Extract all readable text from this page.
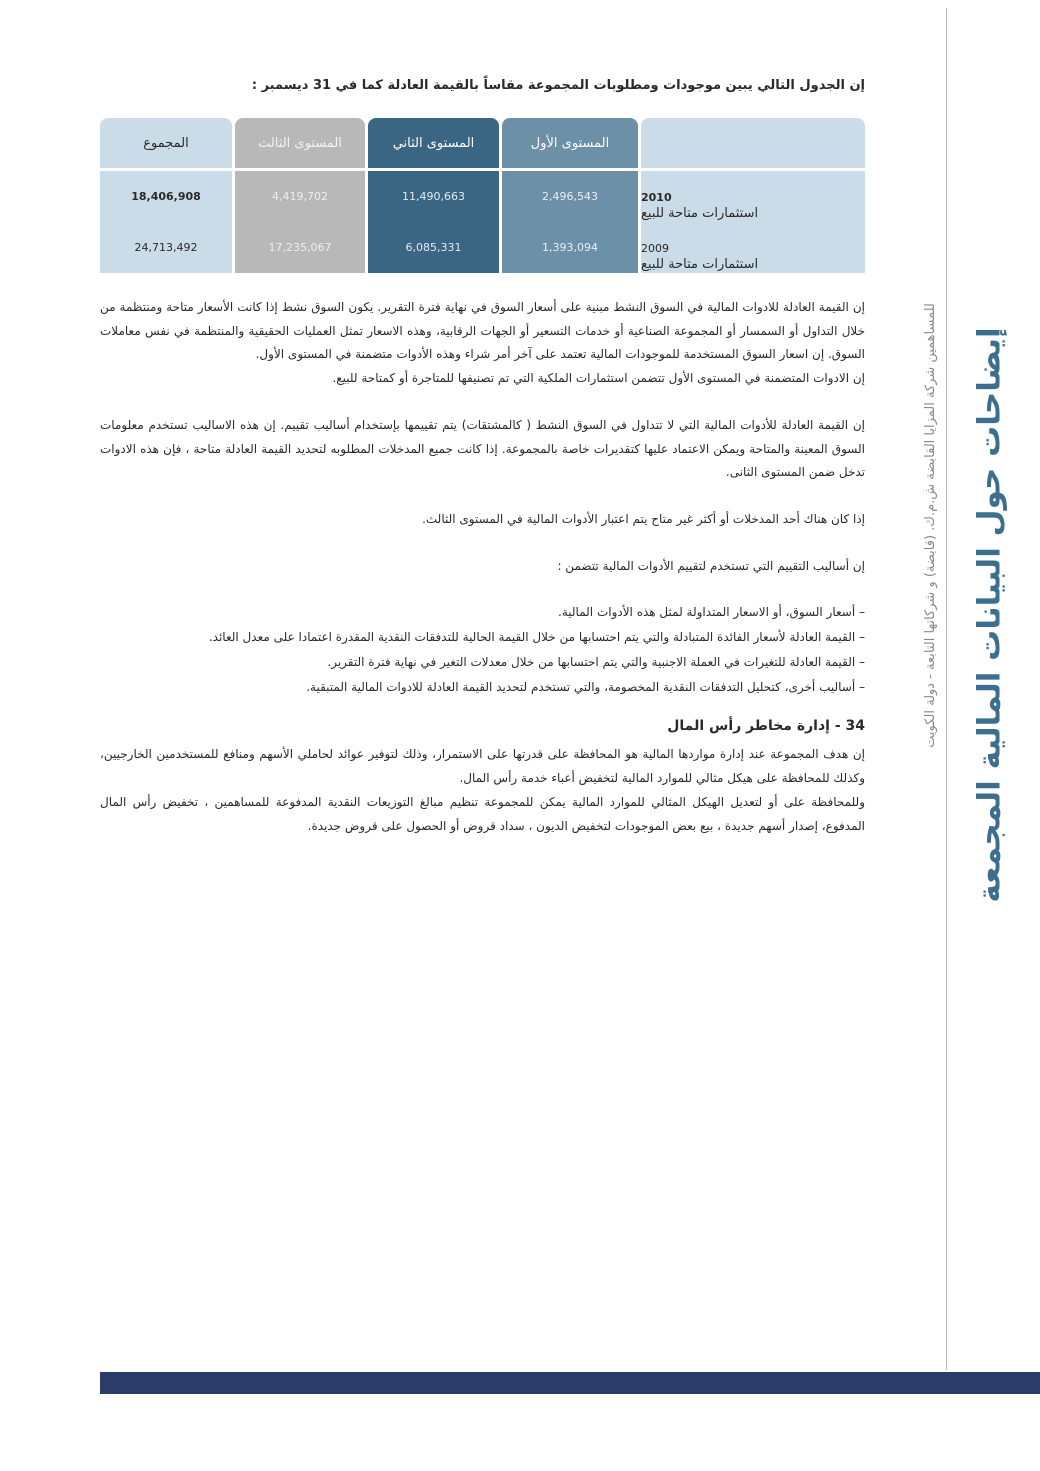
إيضاحات حول البيانات المالية المجمعة
للمساهمين شركة المزايا القابضة ش.م.ك. (قابضة) و شركاتها التابعة - دولة الكويت
إن الجدول التالي يبين موجودات ومطلوبات المجموعة مقاساً بالقيمة العادلة كما في 31 ديسمبر :
2010
استثمارات متاحة للبيع
2009
استثمارات متاحة للبيع
المستوى الأول
2,496,543
1,393,094
المستوى الثاني
11,490,663
6,085,331
المستوى الثالث
4,419,702
17,235,067
المجموع
18,406,908
24,713,492
إن القيمة العادلة للادوات المالية في السوق النشط مبنية على أسعار السوق في نهاية فترة التقرير. يكون السوق نشط إذا كانت الأسعار متاحة ومنتظمة من خلال التداول أو السمسار أو المجموعة الصناعية أو خدمات التسعير أو الجهات الرقابية، وهذه الاسعار تمثل العمليات الحقيقية والمنتظمة في نفس معاملات السوق. إن اسعار السوق المستخدمة للموجودات المالية تعتمد على آخر أمر شراء وهذه الأدوات متضمنة في المستوى الأول.
إن الادوات المتضمنة في المستوى الأول تتضمن استثمارات الملكية التي تم تصنيفها للمتاجرة أو كمتاحة للبيع.
إن القيمة العادلة للأدوات المالية التي لا تتداول في السوق النشط ( كالمشتقات) يتم تقييمها بإستخدام أساليب تقييم. إن هذه الاساليب تستخدم معلومات السوق المعينة والمتاحة ويمكن الاعتماد عليها كتقديرات خاصة بالمجموعة. إذا كانت جميع المدخلات المطلوبه لتحديد القيمة العادلة متاحة ، فإن هذه الادوات تدخل ضمن المستوى الثانى.
إذا كان هناك أحد المدخلات أو أكثر غير متاح يتم اعتبار الأدوات المالية في المستوى الثالث.
إن أساليب التقييم التي تستخدم لتقييم الأدوات المالية تتضمن :
– أسعار السوق، أو الاسعار المتداولة لمثل هذه الأدوات المالية.
– القيمة العادلة لأسعار الفائدة المتبادلة والتي يتم احتسابها من خلال القيمة الحالية للتدفقات النقدية المقدرة اعتمادا على معدل العائد.
– القيمة العادلة للتغيرات في العملة الاجنبية والتي يتم احتسابها من خلال معدلات التغير في نهاية فترة التقرير.
– أساليب أخرى، كتحليل التدفقات النقدية المخصومة، والتي تستخدم لتحديد القيمة العادلة للادوات المالية المتبقية.
34 - إدارة مخاطر رأس المال
إن هدف المجموعة عند إدارة مواردها المالية هو المحافظة على قدرتها على الاستمرار، وذلك لتوفير عوائد لحاملي الأسهم ومنافع للمستخدمين الخارجيين، وكذلك للمحافظة على هيكل مثالي للموارد المالية لتخفيض أعباء خدمة رأس المال.
وللمحافظة على أو لتعديل الهيكل المثالي للموارد المالية يمكن للمجموعة تنظيم مبالغ التوزيعات النقدية المدفوعة للمساهمين ، تخفيض رأس المال المدفوع، إصدار أسهم جديدة ، بيع بعض الموجودات لتخفيض الديون ، سداد قروض أو الحصول على قروض جديدة.
